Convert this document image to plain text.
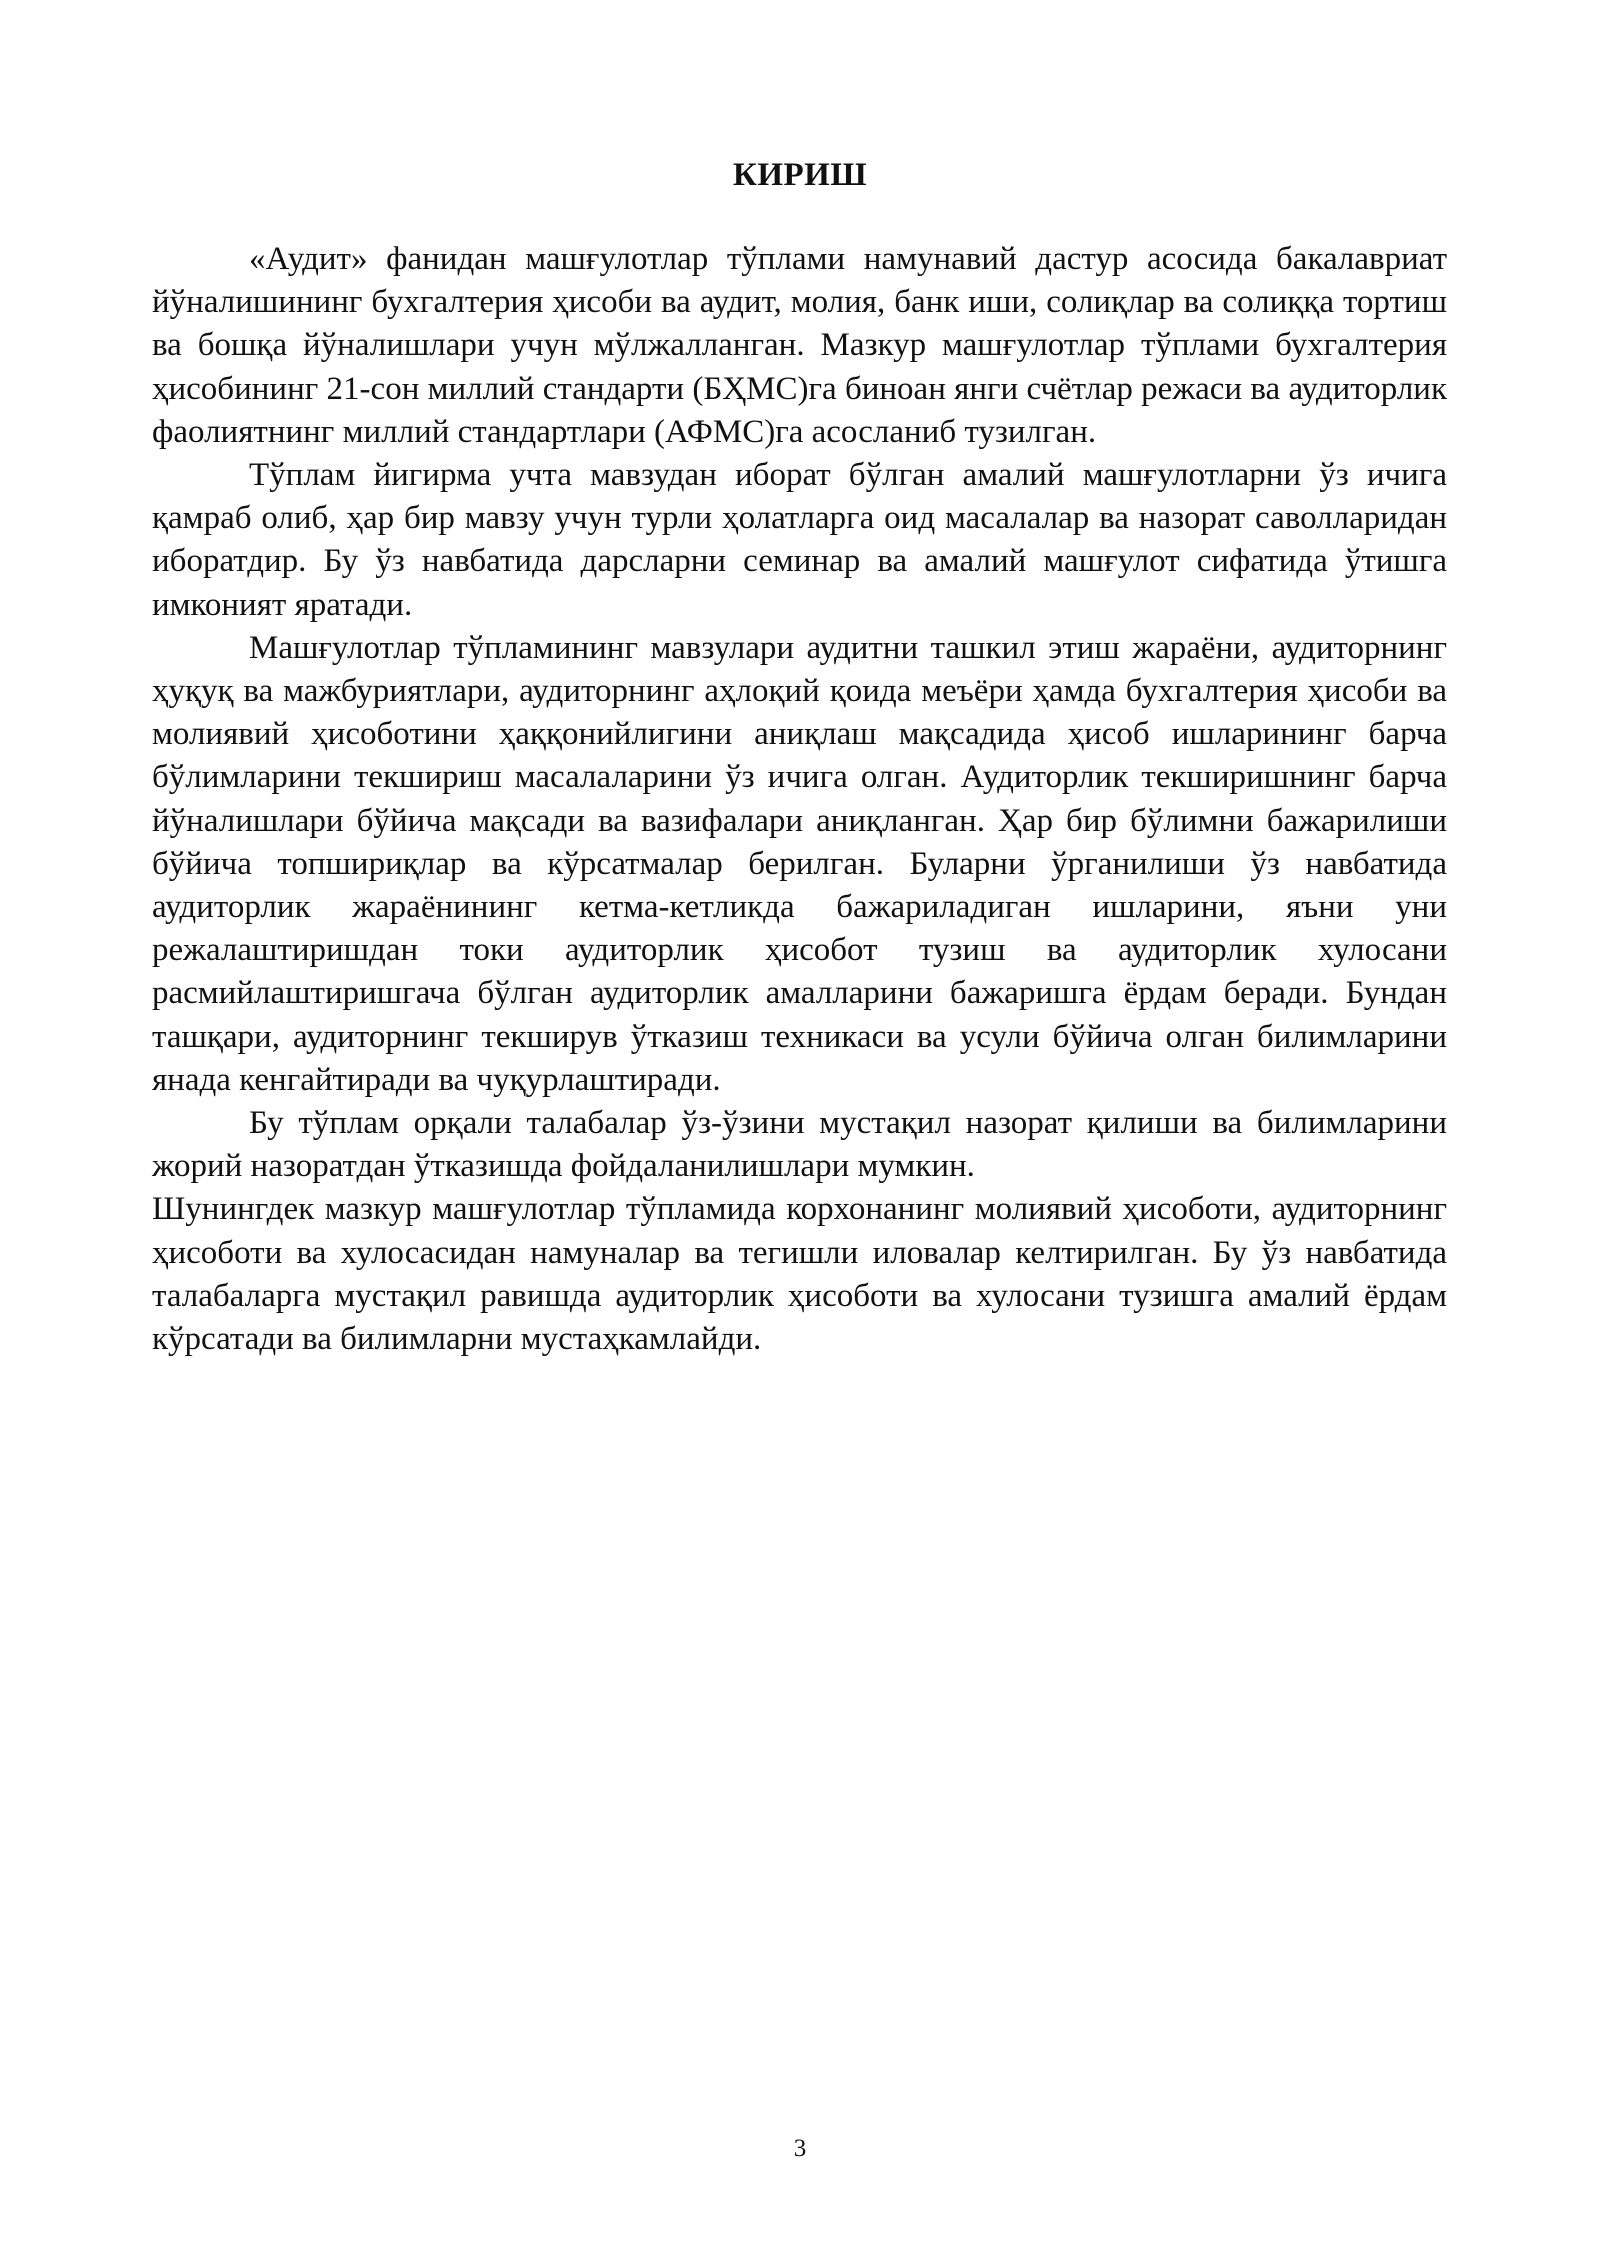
КИРИШ

«Аудит» фанидан машғулотлар тўплами намунавий дастур асосида бакалавриат йўналишининг бухгалтерия ҳисоби ва аудит, молия, банк иши, солиқлар ва солиққа тортиш ва бошқа йўналишлари учун мўлжалланган. Мазкур машғулотлар тўплами бухгалтерия ҳисобининг 21-сон миллий стандарти (БҲМС)га биноан янги счётлар режаси ва аудиторлик фаолиятнинг миллий стандартлари (АФМС)га асосланиб тузилган.

Тўплам йигирма учта мавзудан иборат бўлган амалий машғулотларни ўз ичига қамраб олиб, ҳар бир мавзу учун турли ҳолатларга оид масалалар ва назорат саволларидан иборатдир. Бу ўз навбатида дарсларни семинар ва амалий машғулот сифатида ўтишга имконият яратади.

Машғулотлар тўпламининг мавзулари аудитни ташкил этиш жараёни, аудиторнинг ҳуқуқ ва мажбуриятлари, аудиторнинг аҳлоқий қоида меъёри ҳамда бухгалтерия ҳисоби ва молиявий ҳисоботини ҳаққонийлигини аниқлаш мақсадида ҳисоб ишларининг барча бўлимларини текшириш масалаларини ўз ичига олган. Аудиторлик текширишнинг барча йўналишлари бўйича мақсади ва вазифалари аниқланган. Ҳар бир бўлимни бажарилиши бўйича топшириқлар ва кўрсатмалар берилган. Буларни ўрганилиши ўз навбатида аудиторлик жараёнининг кетма-кетликда бажариладиган ишларини, яъни уни режалаштиришдан токи аудиторлик ҳисобот тузиш ва аудиторлик хулосани расмийлаштиришгача бўлган аудиторлик амалларини бажаришга ёрдам беради. Бундан ташқари, аудиторнинг текширув ўтказиш техникаси ва усули бўйича олган билимларини янада кенгайтиради ва чуқурлаштиради.

Бу тўплам орқали талабалар ўз-ўзини мустақил назорат қилиши ва билимларини жорий назоратдан ўтказишда фойдаланилишлари мумкин.

Шунингдек мазкур машғулотлар тўпламида корхонанинг молиявий ҳисоботи, аудиторнинг ҳисоботи ва хулосасидан намуналар ва тегишли иловалар келтирилган. Бу ўз навбатида талабаларга мустақил равишда аудиторлик ҳисоботи ва хулосани тузишга амалий ёрдам кўрсатади ва билимларни мустаҳкамлайди.

3
